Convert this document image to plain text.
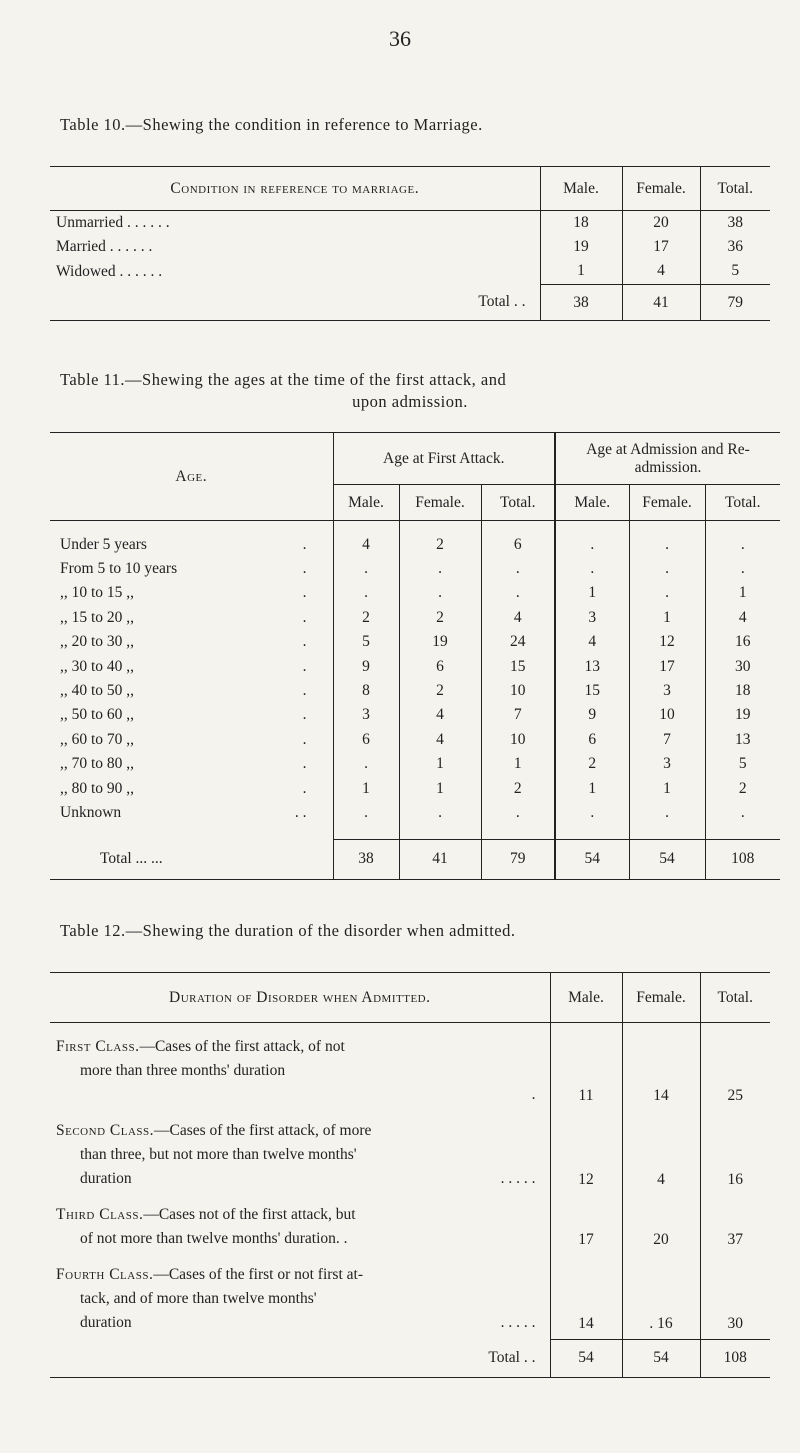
36
Table 10.—Shewing the condition in reference to Marriage.
Condition in reference to marriage.	Male.	Female.	Total.
Unmarried . . . . . .	18	20	38
Married . . . . . .	19	17	36
Widowed . . . . . .	1	4	5
Total . .	38	41	79
Table 11.—Shewing the ages at the time of the first attack, and
upon admission.
Age.	Age at First Attack.			Age at Admission and Re-admission.		
	Male.	Female.	Total.	Male.	Female.	Total.

Under 5 years .	4	2	6	.	.	.
From 5 to 10 years .	.	.	.	.	.	.
,, 10 to 15 ,, .	.	.	.	1	.	1
,, 15 to 20 ,, .	2	2	4	3	1	4
,, 20 to 30 ,, .	5	19	24	4	12	16
,, 30 to 40 ,, .	9	6	15	13	17	30
,, 40 to 50 ,, .	8	2	10	15	3	18
,, 50 to 60 ,, .	3	4	7	9	10	19
,, 60 to 70 ,, .	6	4	10	6	7	13
,, 70 to 80 ,, .	.	1	1	2	3	5
,, 80 to 90 ,, .	1	1	2	1	1	2
Unknown . .	.	.	.	.	.	.

Total ... ...	38	41	79	54	54	108
Table 12.—Shewing the duration of the disorder when admitted.
Duration of Disorder when Admitted.	Male.	Female.	Total.

First Class.—Cases of the first attack, of not
more than three months' duration
.	11	14	25

Second Class.—Cases of the first attack, of more
than three, but not more than twelve months'
duration . . . . .	12	4	16

Third Class.—Cases not of the first attack, but
of not more than twelve months' duration. .	17	20	37

Fourth Class.—Cases of the first or not first at-
tack, and of more than twelve months'
duration . . . . .	14	. 16	30
Total . .	54	54	108
